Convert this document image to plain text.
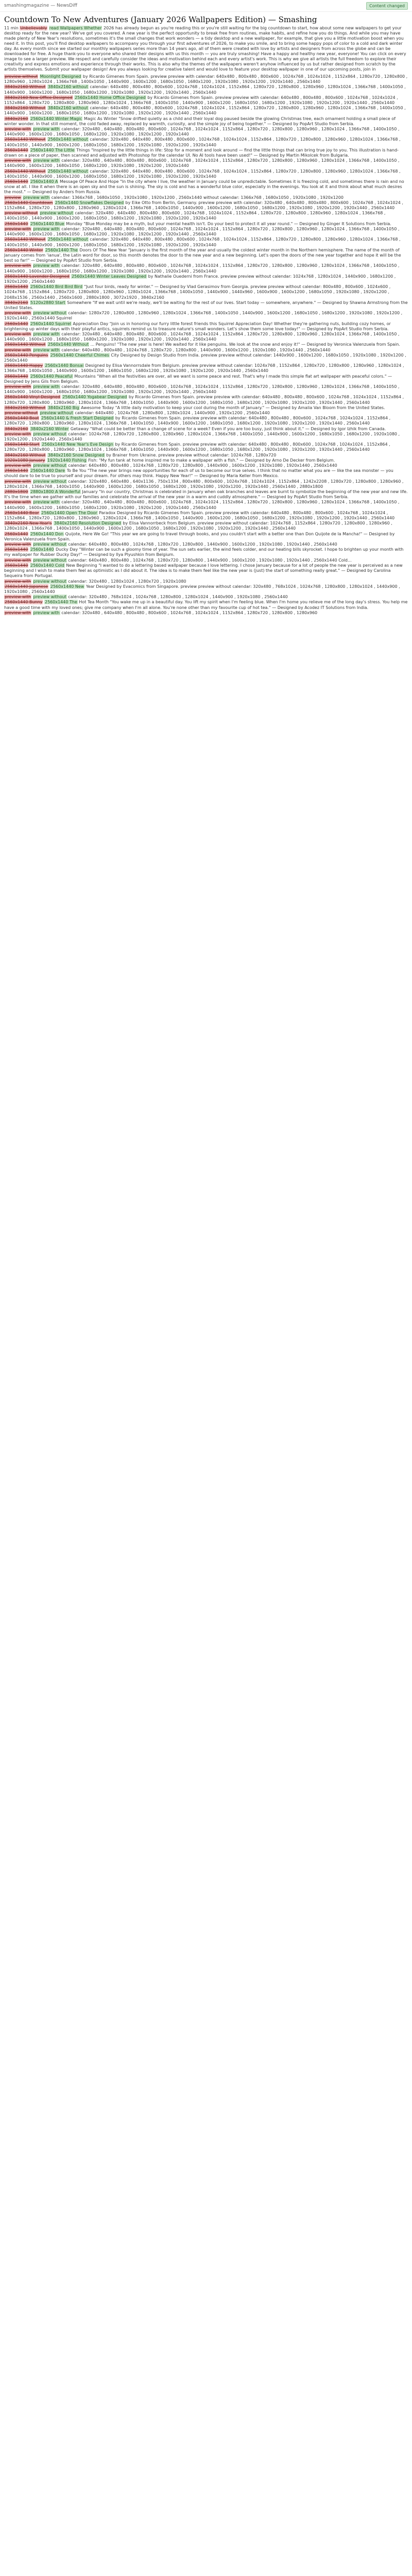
smashingmagazine — NewsDiff	Content changed
Countdown To New Adventures (January 2026 Wallpapers Edition) — Smashing

11 min Unbelievably read Wallpapers Whether 2026 has already begun as you're reading this or you're still waiting for the big countdown to start, how about some new wallpapers to get your desktop ready for the new year? We've got you covered. A new year is the perfect opportunity to break free from routines, make habits, and refine how you do things. And while you may have made plenty of New Year's resolutions, sometimes it's the small changes that work wonders — a tidy desktop and a new wallpaper, for example, that give you a little motivation boost when you need it. In this post, you'll find desktop wallpapers to accompany you through your first adventures of 2026, to make you smile, and to bring some happy pops of color to a cold and dark winter day. As every month since we started our monthly wallpapers series more than 14 years ago, all of them were created with love by artists and designers from across the globe and can be downloaded for free. A huge thank-you to everyone who shared their designs with us this month — you are truly smashing! Have a happy and healthy new year, everyone! You can click on every image to see a larger preview. We respect and carefully consider the ideas and motivation behind each and every artist's work. This is why we give all artists the full freedom to explore their creativity and express emotions and experience through their works. This is also why the themes of the wallpapers weren't anyhow influenced by us but rather designed from scratch by the artists themselves. Submit your wallpaper design! Are you always looking for creative talent and would love to feature your desktop wallpaper in one of our upcoming posts, join in

preview without Moonlight Designed by Ricardo Gimenes from Spain. preview preview with calendar: 640x480 , 800x480 , 800x600 , 1024x768 , 1024x1024 , 1152x864 , 1280x720 , 1280x800 , 1280x960 , 1280x1024 , 1366x768 , 1400x1050 , 1440x900 , 1600x1200 , 1680x1050 , 1680x1200 , 1920x1080 , 1920x1200 , 1920x1440 , 2560x1440

3840x2160 Without 3840x2160 without calendar: 640x480 , 800x480 , 800x600 , 1024x768 , 1024x1024 , 1152x864 , 1280x720 , 1280x800 , 1280x960 , 1280x1024 , 1366x768 , 1400x1050 , 1440x900 , 1600x1200 , 1680x1050 , 1680x1200 , 1920x1080 , 1920x1200 , 1920x1440 , 2560x1440

3840x2160 New Office Designed 2560x1440 Home Office Designed by Ricardo Gimenes from Spain. preview preview with calendar: 640x480 , 800x480 , 800x600 , 1024x768 , 1024x1024 , 1152x864 , 1280x720 , 1280x800 , 1280x960 , 1280x1024 , 1366x768 , 1400x1050 , 1440x900 , 1600x1200 , 1680x1050 , 1680x1200 , 1920x1080 , 1920x1200 , 1920x1440 , 2560x1440

3840x2160 Without 3840x2160 without calendar: 640x480 , 800x480 , 800x600 , 1024x768 , 1024x1024 , 1152x864 , 1280x720 , 1280x800 , 1280x960 , 1280x1024 , 1366x768 , 1400x1050 , 1440x900 , 1600x1200 , 1680x1050 , 1680x1200 , 1920x1080 , 1920x1200 , 1920x1440 , 2560x1440

3840x2160 2560x1440 Winter Magic Magic As Winter "Snow drifted quietly as a child and their loyal dog paused beside the glowing Christmas tree, each ornament holding a small piece of winter wonder. In that still moment, the cold faded away, replaced by warmth, curiosity, and the simple joy of being together." — Designed by PopArt Studio from Serbia.

preview with preview with calendar: 320x480 , 640x480 , 800x480 , 800x600 , 1024x768 , 1024x1024 , 1152x864 , 1280x720 , 1280x800 , 1280x960 , 1280x1024 , 1366x768 , 1400x1050 , 1440x900 , 1600x1200 , 1680x1050 , 1680x1200 , 1920x1080 , 1920x1200 , 1920x1440

2560x1440 Without 2560x1440 without calendar: 320x480 , 640x480 , 800x480 , 800x600 , 1024x768 , 1024x1024 , 1152x864 , 1280x720 , 1280x800 , 1280x960 , 1280x1024 , 1366x768 , 1400x1050 , 1440x900 , 1600x1200 , 1680x1050 , 1680x1200 , 1920x1080 , 1920x1200 , 1920x1440

2560x1440 2560x1440 The Little Things "Inspired by the little things in life: Stop for a moment and look around — find the little things that can bring true joy to you. This illustration is hand-drawn on a piece of paper, then scanned and adjusted with Photoshop for the calendar UI. No AI tools have been used!" — Designed by Martin Mikolcek from Bulgaria.

preview with preview with calendar: 320x480 , 640x480 , 800x480 , 800x600 , 1024x768 , 1024x1024 , 1152x864 , 1280x720 , 1280x800 , 1280x960 , 1280x1024 , 1366x768 , 1400x1050 , 1440x900 , 1600x1200 , 1680x1050 , 1680x1200 , 1920x1080 , 1920x1200 , 1920x1440

2560x1440 Without 2560x1440 without calendar: 320x480 , 640x480 , 800x480 , 800x600 , 1024x768 , 1024x1024 , 1152x864 , 1280x720 , 1280x800 , 1280x960 , 1280x1024 , 1366x768 , 1400x1050 , 1440x900 , 1600x1200 , 1680x1050 , 1680x1200 , 1920x1080 , 1920x1200 , 1920x1440

2560x1440 2560x1440 A Message Of Peace And Hope "In the city where I live, the weather in January could be unpredictable. Sometimes it is freezing cold, and sometimes there is rain and no snow at all. I like it when there is an open sky and the sun is shining. The sky is cold and has a wonderful blue color, especially in the evenings. You look at it and think about what much desires the most." — Designed by Anders from Russia.

preview preview with calendar: 1366x768 , 1680x1050 , 1920x1080 , 1920x1200 , 2560x1440 without calendar: 1366x768 , 1680x1050 , 1920x1080 , 1920x1200

2560x1440 Countdown 2560x1440 Snowflakes Designed by Eike Otto from Berlin, Germany. preview preview with calendar: 320x480 , 640x480 , 800x480 , 800x600 , 1024x768 , 1024x1024 , 1152x864 , 1280x720 , 1280x800 , 1280x960 , 1280x1024 , 1366x768 , 1400x1050 , 1440x900 , 1600x1200 , 1680x1050 , 1680x1200 , 1920x1080 , 1920x1200 , 1920x1440 , 2560x1440

preview without preview without calendar: 320x480 , 640x480 , 800x480 , 800x600 , 1024x768 , 1024x1024 , 1152x864 , 1280x720 , 1280x800 , 1280x960 , 1280x1024 , 1366x768 , 1400x1050 , 1440x900 , 1600x1200 , 1680x1050 , 1680x1200 , 1920x1080 , 1920x1200 , 1920x1440

2560x1440 2560x1440 Blue Monday "Blue Monday may be a myth, but your mental health isn't. Do your best to protect it all year round." — Designed by Ginger It Solutions from Serbia.

preview with preview with calendar: 320x480 , 640x480 , 800x480 , 800x600 , 1024x768 , 1024x1024 , 1152x864 , 1280x720 , 1280x800 , 1280x960 , 1280x1024 , 1366x768 , 1400x1050 , 1440x900 , 1600x1200 , 1680x1050 , 1680x1200 , 1920x1080 , 1920x1200 , 1920x1440 , 2560x1440

2560x1440 Without 2560x1440 without calendar: 320x480 , 640x480 , 800x480 , 800x600 , 1024x768 , 1024x1024 , 1152x864 , 1280x720 , 1280x800 , 1280x960 , 1280x1024 , 1366x768 , 1400x1050 , 1440x900 , 1600x1200 , 1680x1050 , 1680x1200 , 1920x1080 , 1920x1200 , 1920x1440

2560x1440 Winter 2560x1440 The Doors Of The New Year "January is the first month of the year and usually the coldest winter month in the Northern hemisphere. The name of the month of January comes from 'ianua', the Latin word for door, so this month denotes the door to the new year and a new beginning. Let's open the doors of the new year together and hope it will be the best so far!" — Designed by PopArt Studio from Serbia.

preview with preview with calendar: 320x480 , 640x480 , 800x480 , 800x600 , 1024x768 , 1024x1024 , 1152x864 , 1280x720 , 1280x800 , 1280x960 , 1280x1024 , 1366x768 , 1400x1050 , 1440x900 , 1600x1200 , 1680x1050 , 1680x1200 , 1920x1080 , 1920x1200 , 1920x1440 , 2560x1440

2560x1440 Lavender Designed 2560x1440 Winter Leaves Designed by Nathalie Ouederni from France. preview preview without calendar: 1024x768 , 1280x1024 , 1440x900 , 1680x1200 , 1920x1200 , 2560x1440

2560x1440 2560x1440 Bird Bird Bird "Just four birds, ready for winter." — Designed by Vlad Gerasimov from Georgia. preview preview without calendar: 800x480 , 800x600 , 1024x600 , 1024x768 , 1152x864 , 1280x720 , 1280x800 , 1280x960 , 1280x1024 , 1366x768 , 1400x1050 , 1440x900 , 1440x960 , 1600x900 , 1600x1200 , 1680x1050 , 1920x1080 , 1920x1200 , 2048x1536 , 2560x1440 , 2560x1600 , 2880x1800 , 3072x1920 , 3840x2160

3840x2160 5120x2880 Start Somewhere "If we wait until we're ready, we'll be waiting for the rest of our lives. Start today — somewhere, anywhere." — Designed by Shawna Armstrong from the United States.

preview with preview without calendar: 1280x720 , 1280x800 , 1280x960 , 1280x1024 , 1366x768 , 1400x1050 , 1440x900 , 1600x1200 , 1680x1050 , 1680x1200 , 1920x1080 , 1920x1200 , 1920x1440 , 2560x1440 Squirrel

2560x1440 2560x1440 Squirrel Appreciation Day "Join us in honoring our furry little forest friends this Squirrel Appreciation Day! Whether they're gathering nuts, building cozy homes, or brightening up winter days with their playful antics, squirrels remind us to treasure nature's small wonders. Let's show them some love today!" — Designed by PopArt Studio from Serbia.

preview with preview with calendar: 320x480 , 640x480 , 800x480 , 800x600 , 1024x768 , 1024x1024 , 1152x864 , 1280x720 , 1280x800 , 1280x960 , 1280x1024 , 1366x768 , 1400x1050 , 1440x900 , 1600x1200 , 1680x1050 , 1680x1200 , 1920x1080 , 1920x1200 , 1920x1440 , 2560x1440

2560x1440 Without 2560x1440 Without ... Penguins! "The new year is here! We waited for it like penguins. We look at the snow and enjoy it!" — Designed by Veronica Valenzuela from Spain.

preview with preview with calendar: 640x480 , 800x480 , 1024x768 , 1280x720 , 1280x800 , 1440x900 , 1600x1200 , 1920x1080 , 1920x1440 , 2560x1440

2560x1440 Penguins 2560x1440 Cheerful Chimes City Designed by Design Studio from India. preview preview without calendar: 1440x900 , 1600x1200 , 1680x1050 , 1920x1080 , 1920x1200 , 2560x1440

2560x1440 Happy 2560x1440 Bonsai Designed by Elisa Vannorrsdale from Belgium. preview preview without calendar: 1024x768 , 1152x864 , 1280x720 , 1280x800 , 1280x960 , 1280x1024 , 1366x768 , 1400x1050 , 1440x900 , 1600x1200 , 1680x1050 , 1680x1200 , 1920x1080 , 1920x1200 , 1920x1440 , 2560x1440

2560x1440 2560x1440 Peaceful Mountains "When all the festivities are over, all we want is some peace and rest. That's why I made this simple flat art wallpaper with peaceful colors." — Designed by Jens Gils from Belgium.

preview with preview with calendar: 320x480 , 640x480 , 800x480 , 800x600 , 1024x768 , 1024x1024 , 1152x864 , 1280x720 , 1280x800 , 1280x960 , 1280x1024 , 1366x768 , 1400x1050 , 1440x900 , 1600x1200 , 1680x1050 , 1680x1200 , 1920x1080 , 1920x1200 , 1920x1440 , 2560x1440

2560x1440 Vinyl Designed 2560x1440 Yogabear Designed by Ricardo Gimenes from Spain. preview preview with calendar: 640x480 , 800x480 , 800x600 , 1024x768 , 1024x1024 , 1152x864 , 1280x720 , 1280x800 , 1280x960 , 1280x1024 , 1366x768 , 1400x1050 , 1440x900 , 1600x1200 , 1680x1050 , 1680x1200 , 1920x1080 , 1920x1200 , 1920x1440 , 2560x1440

3840x2160 Without 3840x2160 Big Awesome Today "A little daily motivation to keep your cool during the month of January." — Designed by Amalia Van Bloom from the United States.

preview without preview without calendar: 640x480 , 1024x768 , 1280x800 , 1280x1024 , 1440x900 , 1920x1200 , 2560x1440

2560x1440 Boat 2560x1440 & Fresh Start Designed by Ricardo Gimenes from Spain. preview preview with calendar: 640x480 , 800x480 , 800x600 , 1024x768 , 1024x1024 , 1152x864 , 1280x720 , 1280x800 , 1280x960 , 1280x1024 , 1366x768 , 1400x1050 , 1440x900 , 1600x1200 , 1680x1050 , 1680x1200 , 1920x1080 , 1920x1200 , 1920x1440 , 2560x1440

3840x2160 3840x2160 Winter Getaway "What could be better than a change of scene for a week? Even if you are too busy, just think about it." — Designed by Igor Izhik from Canada.

preview with preview without calendar: 1024x768 , 1280x720 , 1280x800 , 1280x960 , 1280x1024 , 1366x768 , 1400x1050 , 1440x900 , 1600x1200 , 1680x1050 , 1680x1200 , 1920x1080 , 1920x1200 , 1920x1440 , 2560x1440

2560x1440 Start 2560x1440 New Year's Eve Design by Ricardo Gimenes from Spain. preview preview with calendar: 640x480 , 800x480 , 800x600 , 1024x768 , 1024x1024 , 1152x864 , 1280x720 , 1280x800 , 1280x960 , 1280x1024 , 1366x768 , 1400x1050 , 1440x900 , 1600x1200 , 1680x1050 , 1680x1200 , 1920x1080 , 1920x1200 , 1920x1440 , 2560x1440

3840x2160 Without 3840x2160 Snow Designed by Brainer from Ukraine. preview preview without calendar: 1024x768 , 1280x720

1920x1080 January 1920x1440 Fishing Fish: "My fun tank at home inspired me to make a wallpaper with a fish." — Designed by Arno De Decker from Belgium.

preview with preview without calendar: 640x480 , 800x480 , 1024x768 , 1280x720 , 1280x800 , 1440x900 , 1600x1200 , 1920x1080 , 1920x1440 , 2560x1440

2560x1440 2560x1440 Dare To Be You "The new year brings new opportunities for each of us to become our true selves. I think that no matter what you are — like the sea monster — you should dare to be true to yourself and your dream. For others may think. Happy New Year!" — Designed by Maria Keller from Mexico.

preview with preview without calendar: 320x480 , 640x480 , 640x1136 , 750x1334 , 800x480 , 800x600 , 1024x768 , 1024x1024 , 1152x864 , 1242x2208 , 1280x720 , 1280x800 , 1280x960 , 1280x1024 , 1366x768 , 1400x1050 , 1440x900 , 1600x1200 , 1680x1050 , 1680x1200 , 1920x1080 , 1920x1200 , 1920x1440 , 2560x1440 , 2880x1800

2880x1800 2880x1800 A Wonderful January "In our country, Christmas is celebrated in January when oak branches and leaves are burnt to symbolize the beginning of the new year and new life. It's the time when we gather with our families and celebrate the arrival of the new year in a warm and cuddly atmosphere." — Designed by PopArt Studio from Serbia.

preview with preview with calendar: 320x480 , 640x480 , 800x480 , 800x600 , 1024x768 , 1024x1024 , 1152x864 , 1280x720 , 1280x800 , 1280x960 , 1280x1024 , 1366x768 , 1400x1050 , 1440x900 , 1600x1200 , 1680x1050 , 1680x1200 , 1920x1080 , 1920x1200 , 1920x1440 , 2560x1440

2560x1440 Bear 2560x1440 Open The Door Paradox Designed by Ricardo Gimenes from Spain. preview preview with calendar: 640x480 , 800x480 , 800x600 , 1024x768 , 1024x1024 , 1152x864 , 1280x720 , 1280x800 , 1280x960 , 1280x1024 , 1366x768 , 1400x1050 , 1440x900 , 1600x1200 , 1680x1050 , 1680x1200 , 1920x1080 , 1920x1200 , 1920x1440 , 2560x1440

3840x2160 New Year's 3840x2160 Resolution Designed by Elisa Vannorrbeck from Belgium. preview preview without calendar: 1024x768 , 1152x864 , 1280x720 , 1280x800 , 1280x960 , 1280x1024 , 1366x768 , 1400x1050 , 1440x900 , 1600x1200 , 1680x1050 , 1680x1200 , 1920x1080 , 1920x1200 , 1920x1440 , 2560x1440

2560x1440 2560x1440 Don Quijote, Here We Go! "This year we are going to travel through books, and you couldn't start with a better one than Don Quijote de la Mancha!" — Designed by Veronica Valenzuela from Spain.

preview with preview without calendar: 640x480 , 800x480 , 1024x768 , 1280x720 , 1280x800 , 1440x900 , 1600x1200 , 1920x1080 , 1920x1440 , 2560x1440

2560x1440 2560x1440 Ducky Day "Winter can be such a gloomy time of year. The sun sets earlier, the wind feels colder, and our heating bills skyrocket. I hope to brighten up your month with my wallpaper for Rubber Ducky Day!" — Designed by Ilya Plyushkin from Belgium.

preview with preview without calendar: 640x480 , 800x480 , 1024x768 , 1280x720 , 1280x800 , 1440x900 , 1600x1200 , 1920x1080 , 1920x1440 , 2560x1440 Cold...

2560x1440 2560x1440 Cold New Beginning "I wanted to do a lettering based wallpaper because I love lettering. I chose January because for a lot of people the new year is perceived as a new beginning and I wish to make them feel as optimistic as I did about it. The idea is to make them feel like the new year is (just) the start of something really great." — Designed by Carolina Sequeira from Portugal.

preview with preview without calendar: 320x480 , 1280x1024 , 1280x720 , 1920x1080

2560x1440 Japanese 2560x1440 New Year Designed by Evacomics from Singapore. preview preview without calendar: 320x480 , 768x1024 , 1024x768 , 1280x800 , 1280x1024 , 1440x900 , 1920x1080 , 2560x1440

preview with preview without calendar: 320x480 , 768x1024 , 1024x768 , 1280x800 , 1280x1024 , 1440x900 , 1920x1080 , 2560x1440

2560x1440 Bunny 2560x1440 The Hot Tea Month "You wake me up in a beautiful day. You lift my spirit when I'm feeling blue. When I'm home you relieve me of the long day's stress. You help me have a good time with my loved ones; give me company when I'm all alone. You're none other than my favourite cup of hot tea." — Designed by Acodez IT Solutions from India.

preview with preview with calendar: 320x480 , 640x480 , 800x480 , 800x600 , 1024x768 , 1024x1024 , 1152x864 , 1280x720 , 1280x800 , 1280x960
